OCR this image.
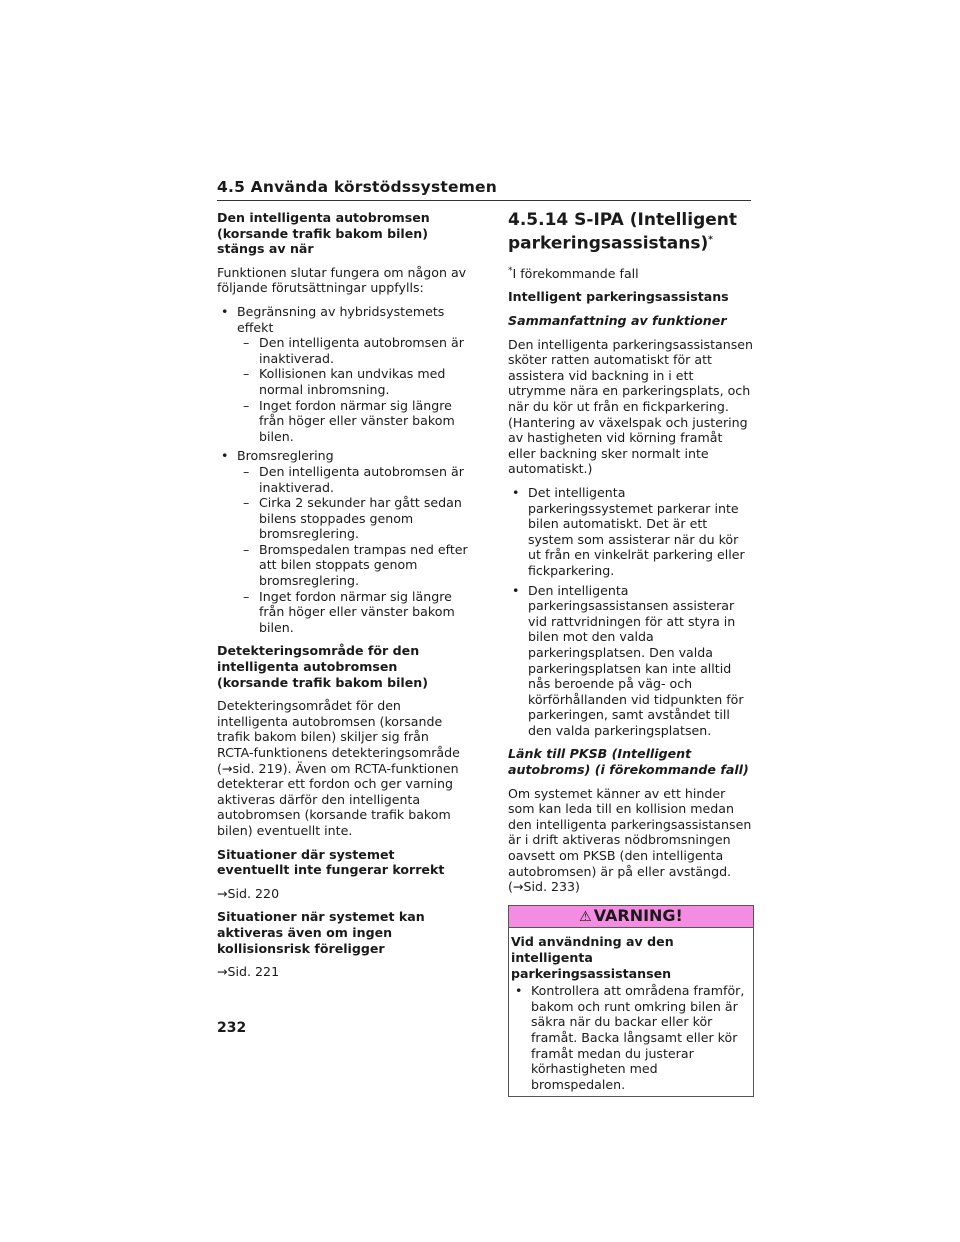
4.5 Använda körstödssystemen
Den intelligenta autobromsen (korsande trafik bakom bilen) stängs av när

Funktionen slutar fungera om någon av följande förutsättningar uppfylls:

• Begränsning av hybridsystemets effekt
– Den intelligenta autobromsen är inaktiverad.
– Kollisionen kan undvikas med normal inbromsning.
– Inget fordon närmar sig längre från höger eller vänster bakom bilen.
• Bromsreglering
– Den intelligenta autobromsen är inaktiverad.
– Cirka 2 sekunder har gått sedan bilens stoppades genom bromsreglering.
– Bromspedalen trampas ned efter att bilen stoppats genom bromsreglering.
– Inget fordon närmar sig längre från höger eller vänster bakom bilen.
Detekteringsområde för den intelligenta autobromsen (korsande trafik bakom bilen)

Detekteringsområdet för den intelligenta autobromsen (korsande trafik bakom bilen) skiljer sig från RCTA-funktionens detekteringsområde (→sid. 219). Även om RCTA-funktionen detekterar ett fordon och ger varning aktiveras därför den intelligenta autobromsen (korsande trafik bakom bilen) eventuellt inte.

Situationer där systemet eventuellt inte fungerar korrekt

→Sid. 220

Situationer när systemet kan aktiveras även om ingen kollisionsrisk föreligger

→Sid. 221

4.5.14 S-IPA (Intelligent parkeringsassistans)*

*I förekommande fall

Intelligent parkeringsassistans
Sammanfattning av funktioner

Den intelligenta parkeringsassistansen sköter ratten automatiskt för att assistera vid backning in i ett utrymme nära en parkeringsplats, och när du kör ut från en fickparkering. (Hantering av växelspak och justering av hastigheten vid körning framåt eller backning sker normalt inte automatiskt.)

• Det intelligenta parkeringssystemet parkerar inte bilen automatiskt. Det är ett system som assisterar när du kör ut från en vinkelrät parkering eller fickparkering.
• Den intelligenta parkeringsassistansen assisterar vid rattvridningen för att styra in bilen mot den valda parkeringsplatsen. Den valda parkeringsplatsen kan inte alltid nås beroende på väg- och körförhållanden vid tidpunkten för parkeringen, samt avståndet till den valda parkeringsplatsen.
Länk till PKSB (Intelligent autobroms) (i förekommande fall)

Om systemet känner av ett hinder som kan leda till en kollision medan den intelligenta parkeringsassistansen är i drift aktiveras nödbromsningen oavsett om PKSB (den intelligenta autobromsen) är på eller avstängd. (→Sid. 233)

⚠ VARNING!
Vid användning av den intelligenta parkeringsassistansen
• Kontrollera att områdena framför, bakom och runt omkring bilen är säkra när du backar eller kör framåt. Backa långsamt eller kör framåt medan du justerar körhastigheten med bromspedalen.
232
